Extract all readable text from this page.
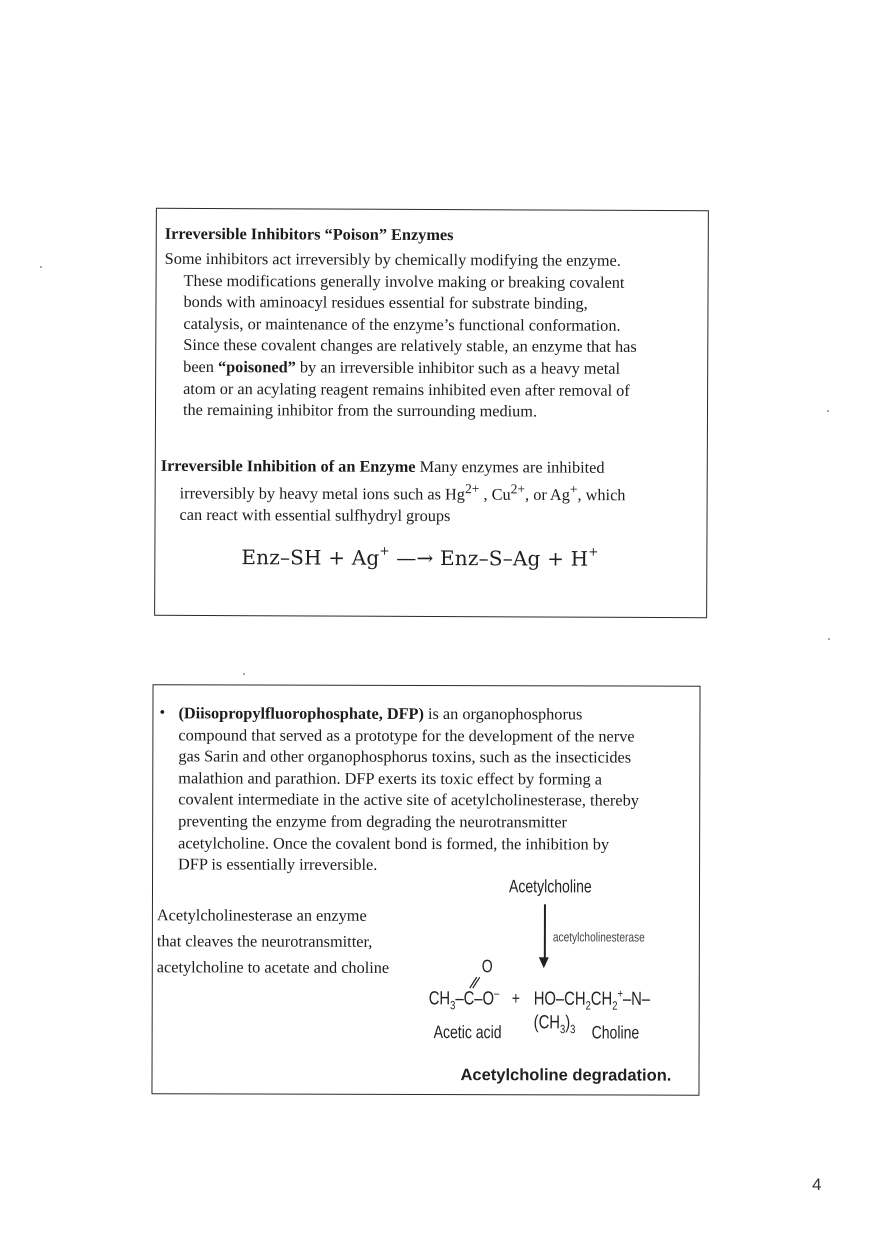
Irreversible Inhibitors “Poison” Enzymes
Some inhibitors act irreversibly by chemically modifying the enzyme.
These modifications generally involve making or breaking covalent
bonds with aminoacyl residues essential for substrate binding,
catalysis, or maintenance of the enzyme’s functional conformation.
Since these covalent changes are relatively stable, an enzyme that has
been “poisoned” by an irreversible inhibitor such as a heavy metal
atom or an acylating reagent remains inhibited even after removal of
the remaining inhibitor from the surrounding medium.
Irreversible Inhibition of an Enzyme Many enzymes are inhibited
irreversibly by heavy metal ions such as $Hg^{2+}$ , $Cu^{2+}$, or Ag+, which
can react with essential sulfhydryl groups
Enz–SH + Ag+ —→ Enz–S–Ag + H+
• (Diisopropylfluorophosphate, DFP) is an organophosphorus
compound that served as a prototype for the development of the nerve
gas Sarin and other organophosphorus toxins, such as the insecticides
malathion and parathion. DFP exerts its toxic effect by forming a
covalent intermediate in the active site of acetylcholinesterase, thereby
preventing the enzyme from degrading the neurotransmitter
acetylcholine. Once the covalent bond is formed, the inhibition by
DFP is essentially irreversible.
Acetylcholinesterase an enzyme
that cleaves the neurotransmitter,
acetylcholine to acetate and choline
Acetylcholine
acetylcholinesterase
O
$CH_3-C-O^- + HO-CH_2CH_2^+-N-(CH_3)_3$
Acetic acid	Choline
Acetylcholine degradation.
4
